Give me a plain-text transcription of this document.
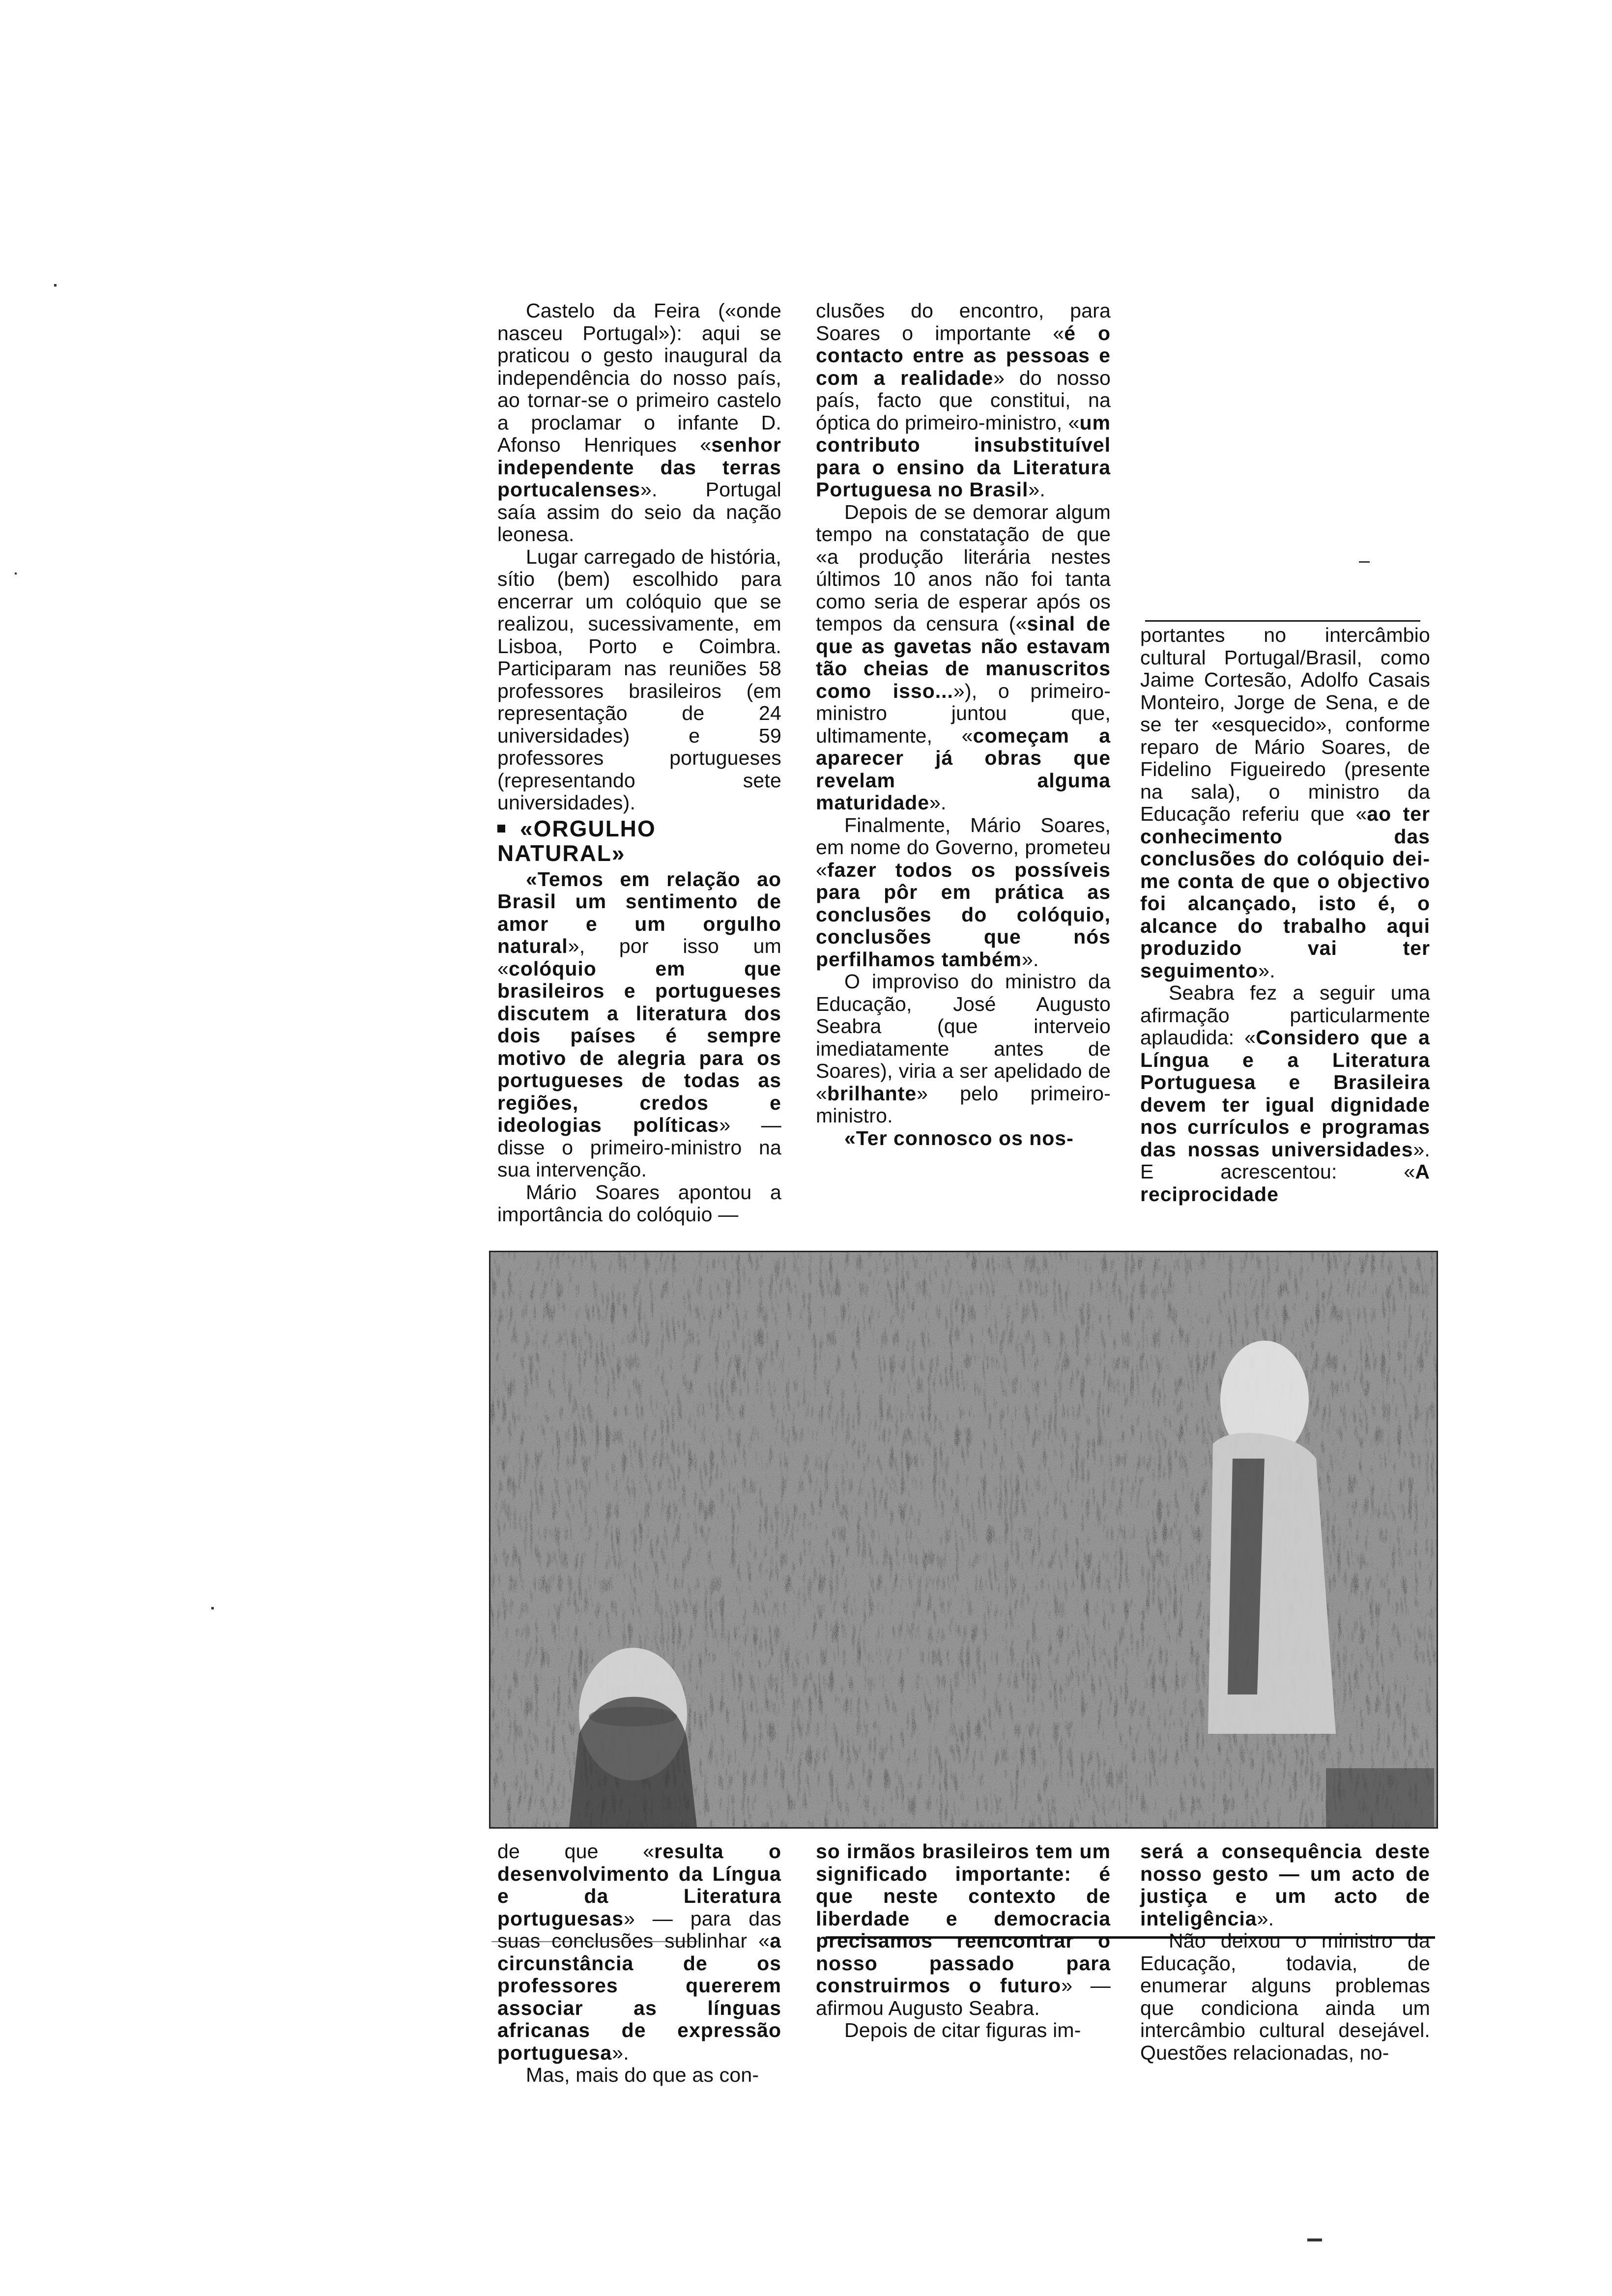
Castelo da Feira («onde nasceu Portugal»): aqui se praticou o gesto inaugural da independência do nosso país, ao tornar-se o primeiro castelo a proclamar o infante D. Afonso Henriques «senhor independente das terras portucalenses». Portugal saía assim do seio da nação leonesa.

Lugar carregado de história, sítio (bem) escolhido para encerrar um colóquio que se realizou, sucessivamente, em Lisboa, Porto e Coimbra. Participaram nas reuniões 58 professores brasileiros (em representação de 24 universidades) e 59 professores portugueses (representando sete universidades).

«ORGULHO NATURAL»

«Temos em relação ao Brasil um sentimento de amor e um orgulho natural», por isso um «colóquio em que brasileiros e portugueses discutem a literatura dos dois países é sempre motivo de alegria para os portugueses de todas as regiões, credos e ideologias políticas» — disse o primeiro-ministro na sua intervenção.

Mário Soares apontou a importância do colóquio —

clusões do encontro, para Soares o importante «é o contacto entre as pessoas e com a realidade» do nosso país, facto que constitui, na óptica do primeiro-ministro, «um contributo insubstituível para o ensino da Literatura Portuguesa no Brasil».

Depois de se demorar algum tempo na constatação de que «a produção literária nestes últimos 10 anos não foi tanta como seria de esperar após os tempos da censura («sinal de que as gavetas não estavam tão cheias de manuscritos como isso...»), o primeiro-ministro juntou que, ultimamente, «começam a aparecer já obras que revelam alguma maturidade».

Finalmente, Mário Soares, em nome do Governo, prometeu «fazer todos os possíveis para pôr em prática as conclusões do colóquio, conclusões que nós perfilhamos também».

O improviso do ministro da Educação, José Augusto Seabra (que interveio imediatamente antes de Soares), viria a ser apelidado de «brilhante» pelo primeiro-ministro.

«Ter connosco os nos-

portantes no intercâmbio cultural Portugal/Brasil, como Jaime Cortesão, Adolfo Casais Monteiro, Jorge de Sena, e de se ter «esquecido», conforme reparo de Mário Soares, de Fidelino Figueiredo (presente na sala), o ministro da Educação referiu que «ao ter conhecimento das conclusões do colóquio dei-me conta de que o objectivo foi alcançado, isto é, o alcance do trabalho aqui produzido vai ter seguimento».

Seabra fez a seguir uma afirmação particularmente aplaudida: «Considero que a Língua e a Literatura Portuguesa e Brasileira devem ter igual dignidade nos currículos e programas das nossas universidades». E acrescentou: «A reciprocidade

de que «resulta o desenvolvimento da Língua e da Literatura portuguesas» — para das suas conclusões sublinhar «a circunstância de os professores quererem associar as línguas africanas de expressão portuguesa».

Mas, mais do que as con-

so irmãos brasileiros tem um significado importante: é que neste contexto de liberdade e democracia precisamos reencontrar o nosso passado para construirmos o futuro» — afirmou Augusto Seabra.

Depois de citar figuras im-

será a consequência deste nosso gesto — um acto de justiça e um acto de inteligência».

Não deixou o ministro da Educação, todavia, de enumerar alguns problemas que condiciona ainda um intercâmbio cultural desejável. Questões relacionadas, no-
